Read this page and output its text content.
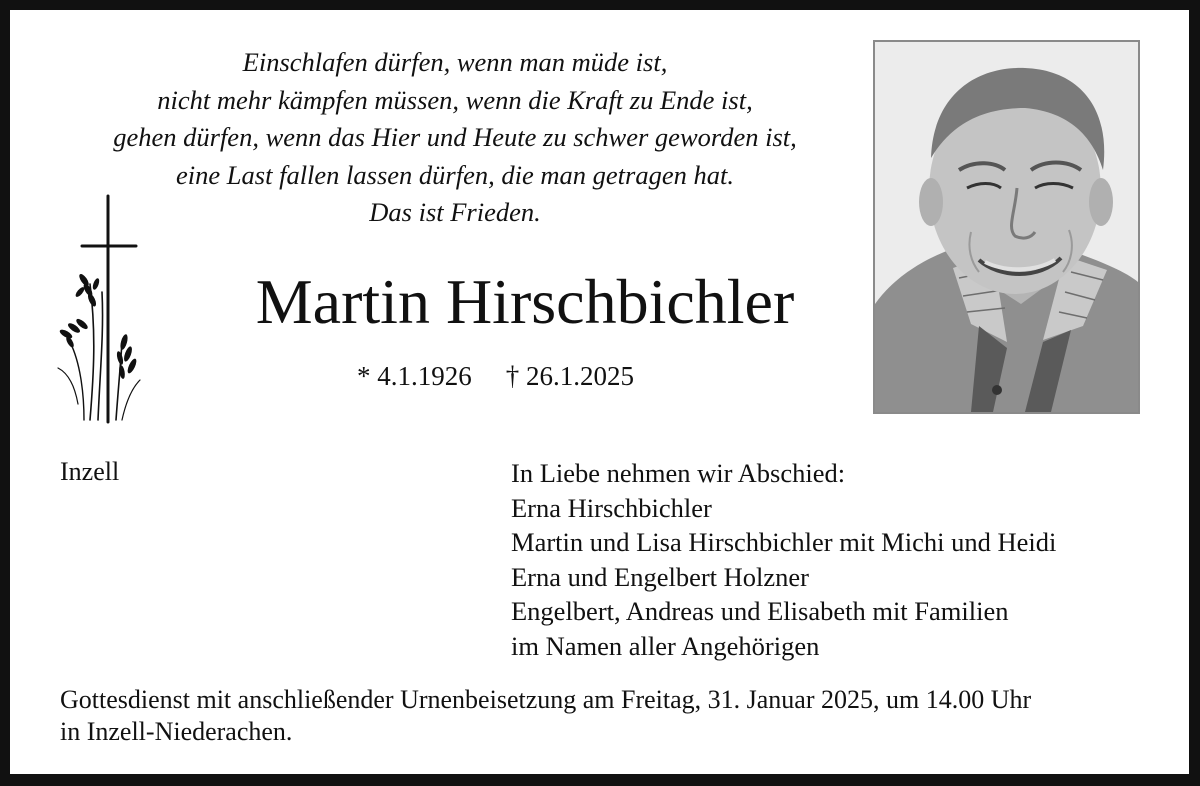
Einschlafen dürfen, wenn man müde ist,
nicht mehr kämpfen müssen, wenn die Kraft zu Ende ist,
gehen dürfen, wenn das Hier und Heute zu schwer geworden ist,
eine Last fallen lassen dürfen, die man getragen hat.
Das ist Frieden.
Martin Hirschbichler
* 4.1.1926 † 26.1.2025
Inzell	In Liebe nehmen wir Abschied:
Erna Hirschbichler
Martin und Lisa Hirschbichler mit Michi und Heidi
Erna und Engelbert Holzner
Engelbert, Andreas und Elisabeth mit Familien
im Namen aller Angehörigen
Gottesdienst mit anschließender Urnenbeisetzung am Freitag, 31. Januar 2025, um 14.00 Uhr
in Inzell-Niederachen.
